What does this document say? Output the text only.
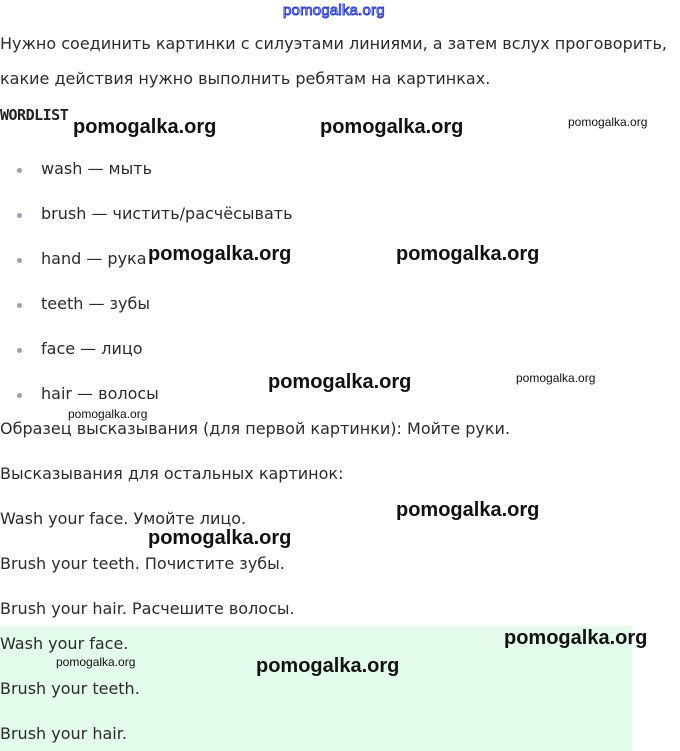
pomogalka.org
Нужно соединить картинки с силуэтами линиями, а затем вслух проговорить,
какие действия нужно выполнить ребятам на картинках.
WORDLIST
wash — мыть
brush — чистить/расчёсывать
hand — рука
teeth — зубы
face — лицо
hair — волосы
Образец высказывания (для первой картинки): Мойте руки.
Высказывания для остальных картинок:
Wash your face. Умойте лицо.
Brush your teeth. Почистите зубы.
Brush your hair. Расчешите волосы.
Wash your face.
Brush your teeth.
Brush your hair.
pomogalka.org	pomogalka.org	pomogalka.org
pomogalka.org	pomogalka.org
pomogalka.org	pomogalka.org
pomogalka.org
pomogalka.org
pomogalka.org
pomogalka.org
pomogalka.org	pomogalka.org
